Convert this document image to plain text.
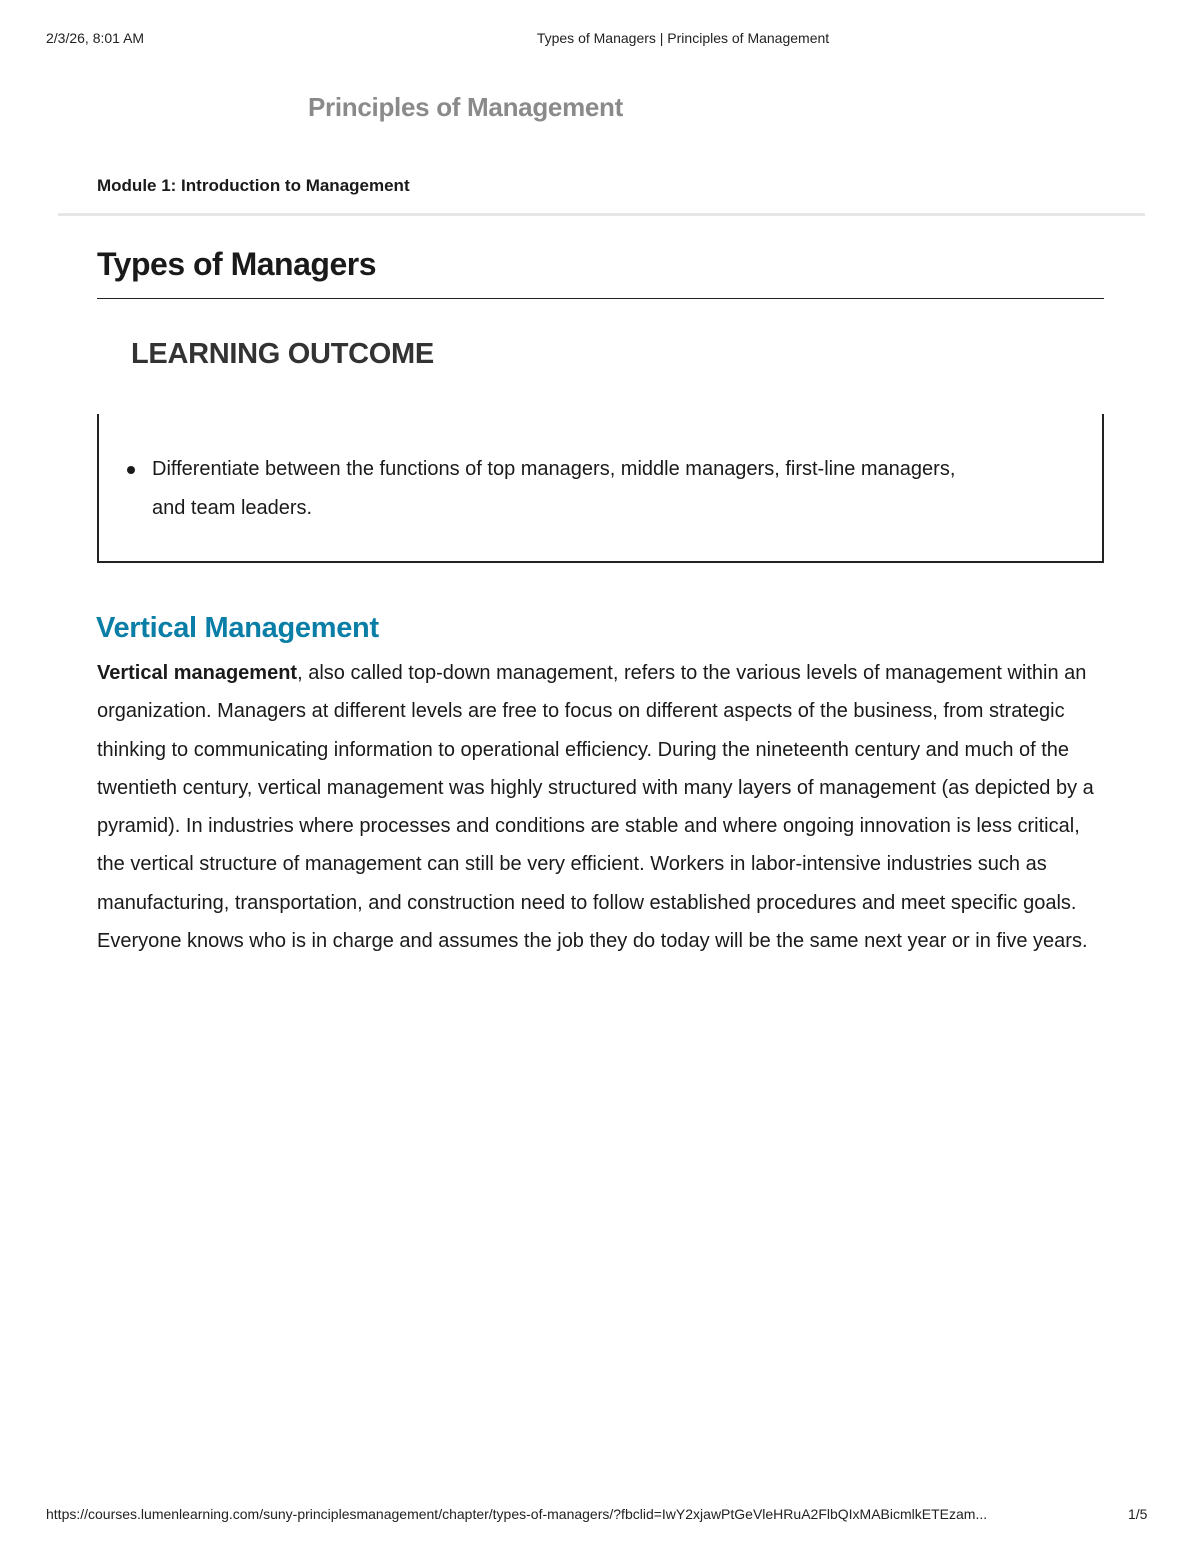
2/3/26, 8:01 AM	Types of Managers | Principles of Management
Principles of Management
Module 1: Introduction to Management
Types of Managers
LEARNING OUTCOME
Differentiate between the functions of top managers, middle managers, first-line managers, and team leaders.
Vertical Management

Vertical management, also called top-down management, refers to the various levels of management within an organization. Managers at different levels are free to focus on different aspects of the business, from strategic thinking to communicating information to operational efficiency. During the nineteenth century and much of the twentieth century, vertical management was highly structured with many layers of management (as depicted by a pyramid). In industries where processes and conditions are stable and where ongoing innovation is less critical, the vertical structure of management can still be very efficient. Workers in labor-intensive industries such as manufacturing, transportation, and construction need to follow established procedures and meet specific goals. Everyone knows who is in charge and assumes the job they do today will be the same next year or in five years.

https://courses.lumenlearning.com/suny-principlesmanagement/chapter/types-of-managers/?fbclid=IwY2xjawPtGeVleHRuA2FlbQIxMABicmlkETEzam...	1/5
